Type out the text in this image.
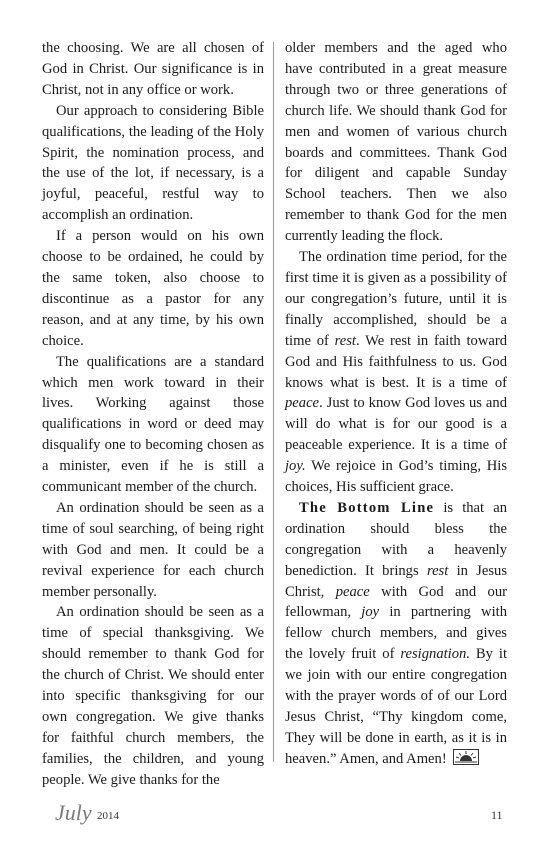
the choosing. We are all chosen of God in Christ. Our significance is in Christ, not in any office or work.

Our approach to considering Bible qualifications, the leading of the Holy Spirit, the nomination process, and the use of the lot, if necessary, is a joyful, peaceful, restful way to accomplish an ordination.

If a person would on his own choose to be ordained, he could by the same token, also choose to discontinue as a pastor for any reason, and at any time, by his own choice.

The qualifications are a standard which men work toward in their lives. Working against those qualifications in word or deed may disqualify one to becoming chosen as a minister, even if he is still a communicant member of the church.

An ordination should be seen as a time of soul searching, of being right with God and men. It could be a revival experience for each church member personally.

An ordination should be seen as a time of special thanksgiving. We should remember to thank God for the church of Christ. We should enter into specific thanksgiving for our own congregation. We give thanks for faithful church members, the families, the children, and young people. We give thanks for the

older members and the aged who have contributed in a great measure through two or three generations of church life. We should thank God for men and women of various church boards and committees. Thank God for diligent and capable Sunday School teachers. Then we also remember to thank God for the men currently leading the flock.

The ordination time period, for the first time it is given as a possibility of our congregation’s future, until it is finally accomplished, should be a time of rest. We rest in faith toward God and His faithfulness to us. God knows what is best. It is a time of peace. Just to know God loves us and will do what is for our good is a peaceable experience. It is a time of joy. We rejoice in God’s timing, His choices, His sufficient grace.

The Bottom Line is that an ordination should bless the congregation with a heavenly benediction. It brings rest in Jesus Christ, peace with God and our fellowman, joy in partnering with fellow church members, and gives the lovely fruit of resignation. By it we join with our entire congregation with the prayer words of of our Lord Jesus Christ, “Thy kingdom come, They will be done in earth, as it is in heaven.” Amen, and Amen!

July 2014	11
